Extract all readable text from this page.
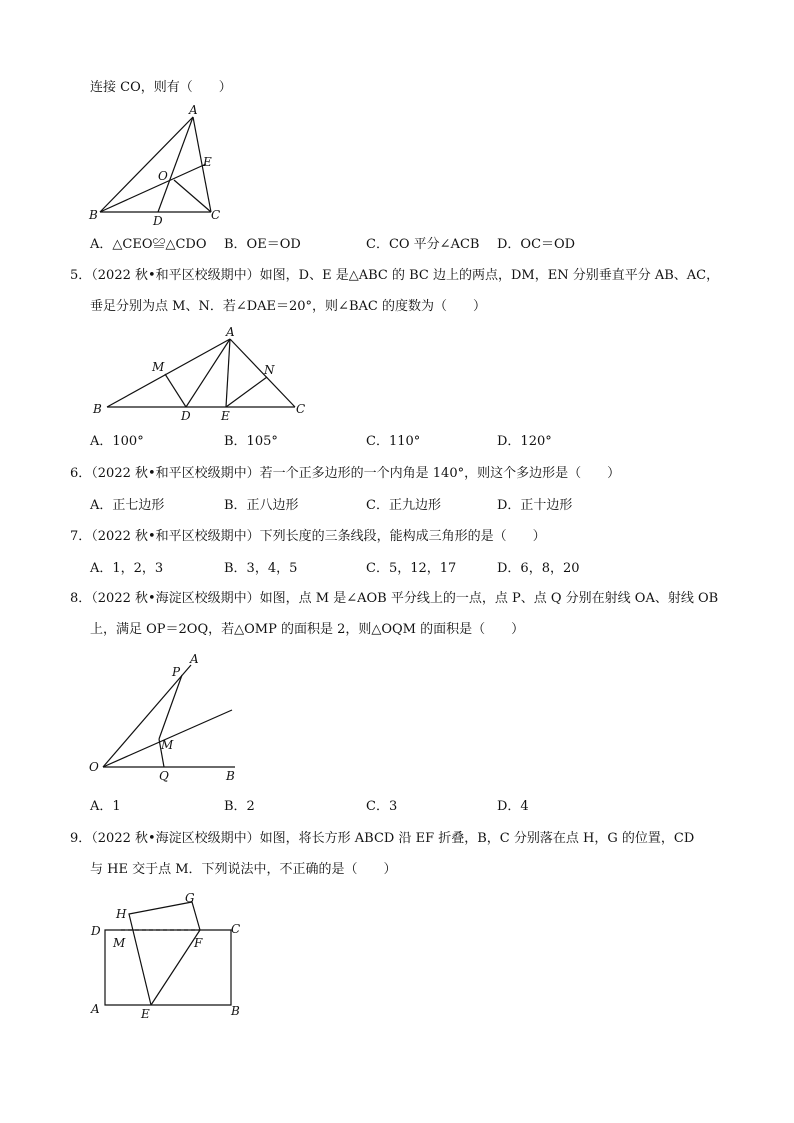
连接 CO，则有（　　）
A
E
O
B	D	C
A．△CEO≌△CDO B．OE＝OD	C．CO 平分∠ACB D．OC＝OD
5．（2022 秋•和平区校级期中）如图，D、E 是△ABC 的 BC 边上的两点，DM，EN 分别垂直平分 AB、AC，
垂足分别为点 M、N．若∠DAE＝20°，则∠BAC 的度数为（　　）
A
M	N
B	D	E	C
A．100°	B．105°	C．110°	D．120°
6．（2022 秋•和平区校级期中）若一个正多边形的一个内角是 140°，则这个多边形是（　　）
A．正七边形	B．正八边形	C．正九边形	D．正十边形
7．（2022 秋•和平区校级期中）下列长度的三条线段，能构成三角形的是（　　）
A．1，2，3	B．3，4，5	C．5，12，17	D．6，8，20
8．（2022 秋•海淀区校级期中）如图，点 M 是∠AOB 平分线上的一点，点 P、点 Q 分别在射线 OA、射线 OB
上，满足 OP＝2OQ，若△OMP 的面积是 2，则△OQM 的面积是（　　）
A
P
M
O
Q	B
A．1	B．2	C．3	D．4
9．（2022 秋•海淀区校级期中）如图，将长方形 ABCD 沿 EF 折叠，B，C 分别落在点 H，G 的位置，CD
与 HE 交于点 M．下列说法中，不正确的是（　　）
H
G
D
M	F
C
A	E	B
